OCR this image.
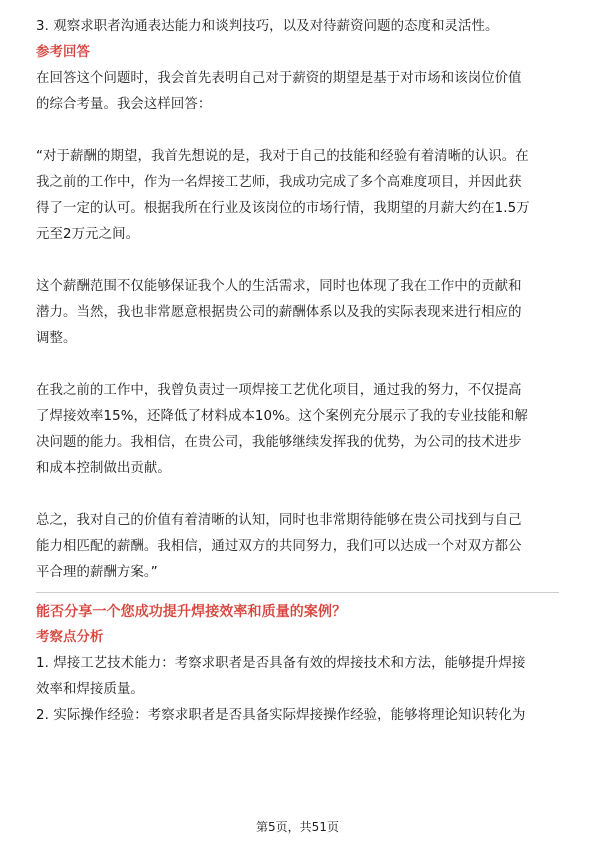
3. 观察求职者沟通表达能力和谈判技巧，以及对待薪资问题的态度和灵活性。
参考回答
在回答这个问题时，我会首先表明自己对于薪资的期望是基于对市场和该岗位价值
的综合考量。我会这样回答：
“对于薪酬的期望，我首先想说的是，我对于自己的技能和经验有着清晰的认识。在
我之前的工作中，作为一名焊接工艺师，我成功完成了多个高难度项目，并因此获
得了一定的认可。根据我所在行业及该岗位的市场行情，我期望的月薪大约在1.5万
元至2万元之间。
这个薪酬范围不仅能够保证我个人的生活需求，同时也体现了我在工作中的贡献和
潜力。当然，我也非常愿意根据贵公司的薪酬体系以及我的实际表现来进行相应的
调整。
在我之前的工作中，我曾负责过一项焊接工艺优化项目，通过我的努力，不仅提高
了焊接效率15%，还降低了材料成本10%。这个案例充分展示了我的专业技能和解
决问题的能力。我相信，在贵公司，我能够继续发挥我的优势，为公司的技术进步
和成本控制做出贡献。
总之，我对自己的价值有着清晰的认知，同时也非常期待能够在贵公司找到与自己
能力相匹配的薪酬。我相信，通过双方的共同努力，我们可以达成一个对双方都公
平合理的薪酬方案。”
能否分享一个您成功提升焊接效率和质量的案例？
考察点分析
1. 焊接工艺技术能力：考察求职者是否具备有效的焊接技术和方法，能够提升焊接
效率和焊接质量。
2. 实际操作经验：考察求职者是否具备实际焊接操作经验，能够将理论知识转化为
第5页，共51页
